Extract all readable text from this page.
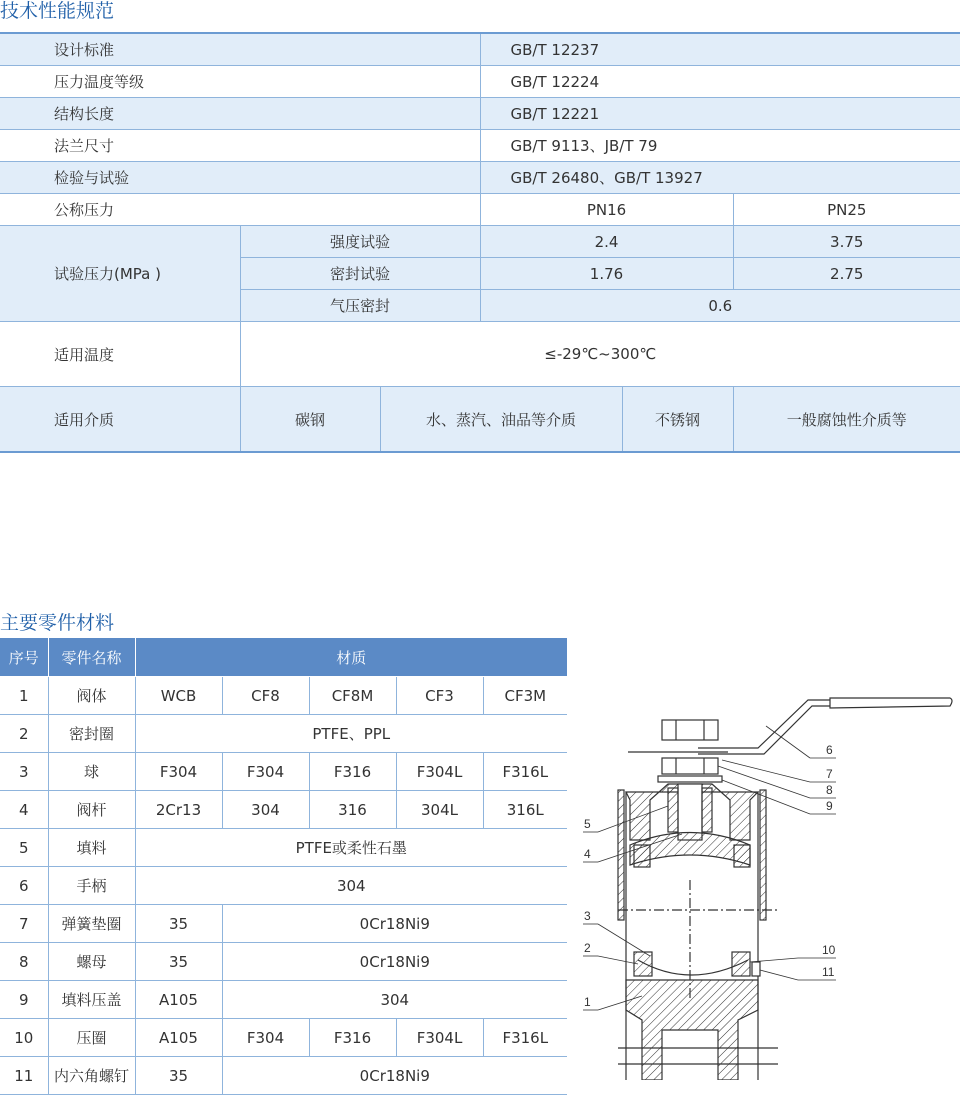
技术性能规范
设计标准			GB/T 12237		
压力温度等级			GB/T 12224		
结构长度			GB/T 12221		
法兰尺寸			GB/T 9113、JB/T 79		
检验与试验			GB/T 26480、GB/T 13927		
公称压力			PN16		PN25
试验压力(MPa )	强度试验		2.4		3.75
	密封试验		1.76		2.75
	气压密封		0.6		
适用温度	≤-29℃~300℃				
适用介质	碳钢	水、蒸汽、油品等介质		不锈钢	一般腐蚀性介质等
主要零件材料
序号	零件名称	材质				
1	阀体	WCB	CF8	CF8M	CF3	CF3M
2	密封圈	PTFE、PPL				
3	球	F304	F304	F316	F304L	F316L
4	阀杆	2Cr13	304	316	304L	316L
5	填料	PTFE或柔性石墨				
6	手柄	304				
7	弹簧垫圈	35	0Cr18Ni9			
8	螺母	35	0Cr18Ni9			
9	填料压盖	A105	304			
10	压圈	A105	F304	F316	F304L	F316L
11	内六角螺钉	35	0Cr18Ni9			
1
2
3
4
5
6
7
8
9
10
11
